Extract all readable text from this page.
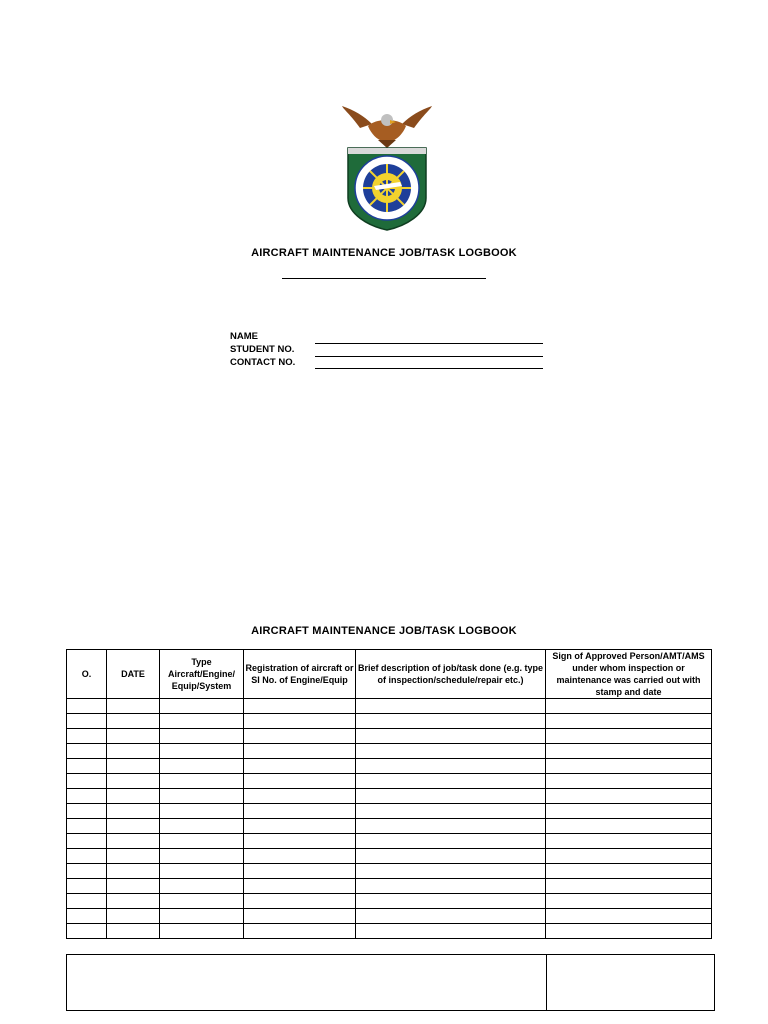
AIRCRAFT MAINTENANCE JOB/TASK LOGBOOK
NAME
STUDENT NO.
CONTACT NO.
AIRCRAFT MAINTENANCE JOB/TASK LOGBOOK
O.	DATE	Type Aircraft/Engine/ Equip/System	Registration of aircraft or SI No. of Engine/Equip	Brief description of job/task done (e.g. type of inspection/schedule/repair etc.)	Sign of Approved Person/AMT/AMS under whom inspection or maintenance was carried out with stamp and date
